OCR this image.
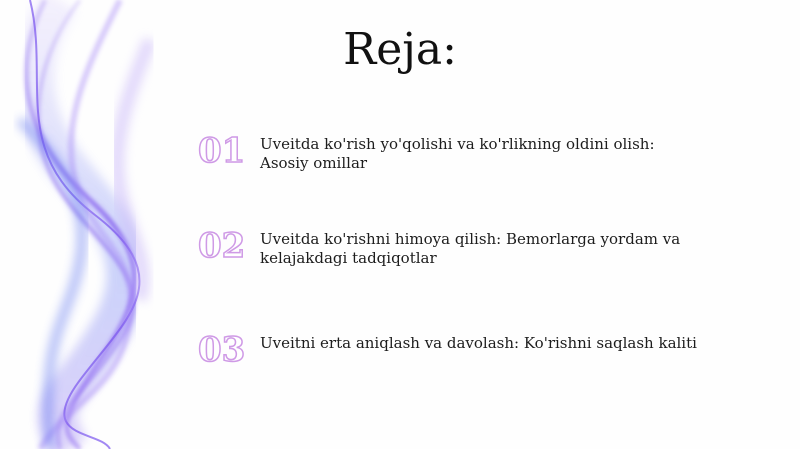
Reja:
01 Uveitda ko'rish yo'qolishi va ko'rlikning oldini olish: Asosiy omillar
02 Uveitda ko'rishni himoya qilish: Bemorlarga yordam va kelajakdagi tadqiqotlar
03 Uveitni erta aniqlash va davolash: Ko'rishni saqlash kaliti
